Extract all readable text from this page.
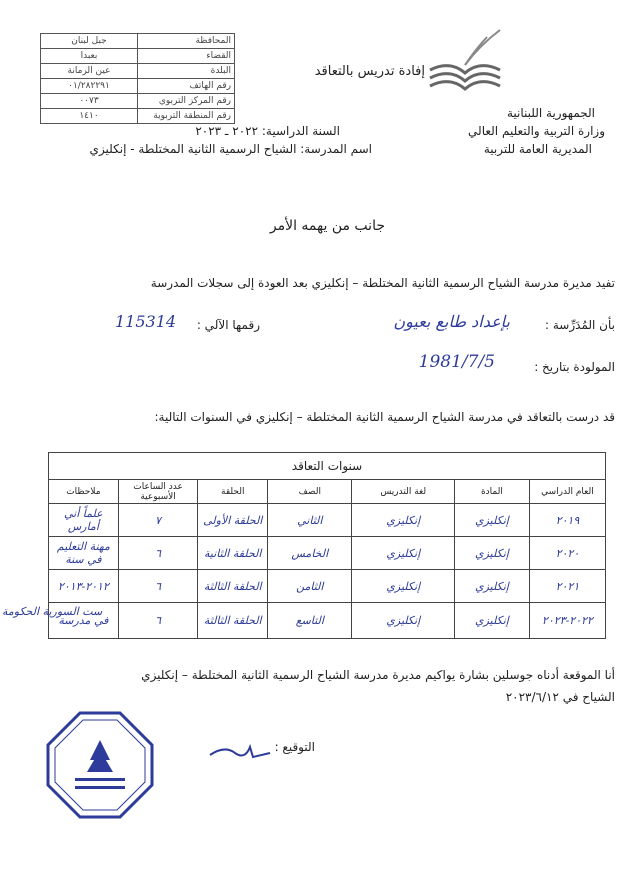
المحافظة	جبل لبنان
القضاء	بعبدا
البلدة	عين الرمانة
رقم الهاتف	٠١/٢٨٢٢٩١
رقم المركز التربوي	٠٠٧٣
رقم المنطقة التربوية	١٤١٠
إفادة تدريس بالتعاقد
الجمهورية اللبنانية
وزارة التربية والتعليم العالي
المديرية العامة للتربية
السنة الدراسية: ٢٠٢٢ ـ ٢٠٢٣
اسم المدرسة: الشياح الرسمية الثانية المختلطة - إنكليزي
جانب من يهمه الأمر
تفيد مديرة مدرسة الشياح الرسمية الثانية المختلطة – إنكليزي بعد العودة إلى سجلات المدرسة
بأن المُدَرِّسة :
بإعداد طابع بعيون
رقمها الآلي :
115314
المولودة بتاريخ :
1981/7/5
قد درست بالتعاقد في مدرسة الشياح الرسمية الثانية المختلطة – إنكليزي في السنوات التالية:
سنوات التعاقد						
العام الدراسي	المادة	لغة التدريس	الصف	الحلقة	عدد الساعات الأسبوعية	ملاحظات
٢٠١٩	إنكليزي	إنكليزي	الثاني	الحلقة الأولى	٧	علماً أني أمارس
٢٠٢٠	إنكليزي	إنكليزي	الخامس	الحلقة الثانية	٦	مهنة التعليم في سنة
٢٠٢١	إنكليزي	إنكليزي	الثامن	الحلقة الثالثة	٦	٢٠١٢-٢٠١٣
٢٠٢٢-٢٠٢٣	إنكليزي	إنكليزي	التاسع	الحلقة الثالثة	٦	في مدرسة
ست السورية الحكومة
أنا الموقعة أدناه جوسلين بشارة يواكيم مديرة مدرسة الشياح الرسمية الثانية المختلطة – إنكليزي
الشياح في ٢٠٢٣/٦/١٢
التوقيع :
